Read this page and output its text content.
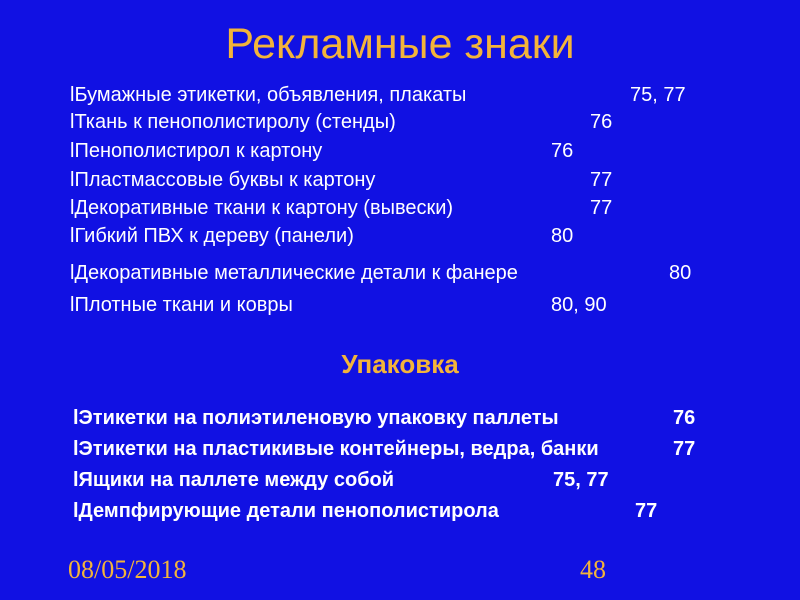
Рекламные знаки
lБумажные этикетки, объявления, плакаты	75, 77
lТкань к пенополистиролу (стенды)	76
lПенополистирол к картону	76
lПластмассовые буквы к картону	77
lДекоративные ткани к картону (вывески)	77
lГибкий ПВХ к дереву (панели)	80
lДекоративные металлические детали к фанере	80
lПлотные ткани и ковры	80, 90
Упаковка
lЭтикетки на полиэтиленовую упаковку паллеты	76
lЭтикетки на пластикивые контейнеры, ведра, банки	77
lЯщики на паллете между собой	75, 77
lДемпфирующие детали пенополистирола	77
08/05/2018	48
